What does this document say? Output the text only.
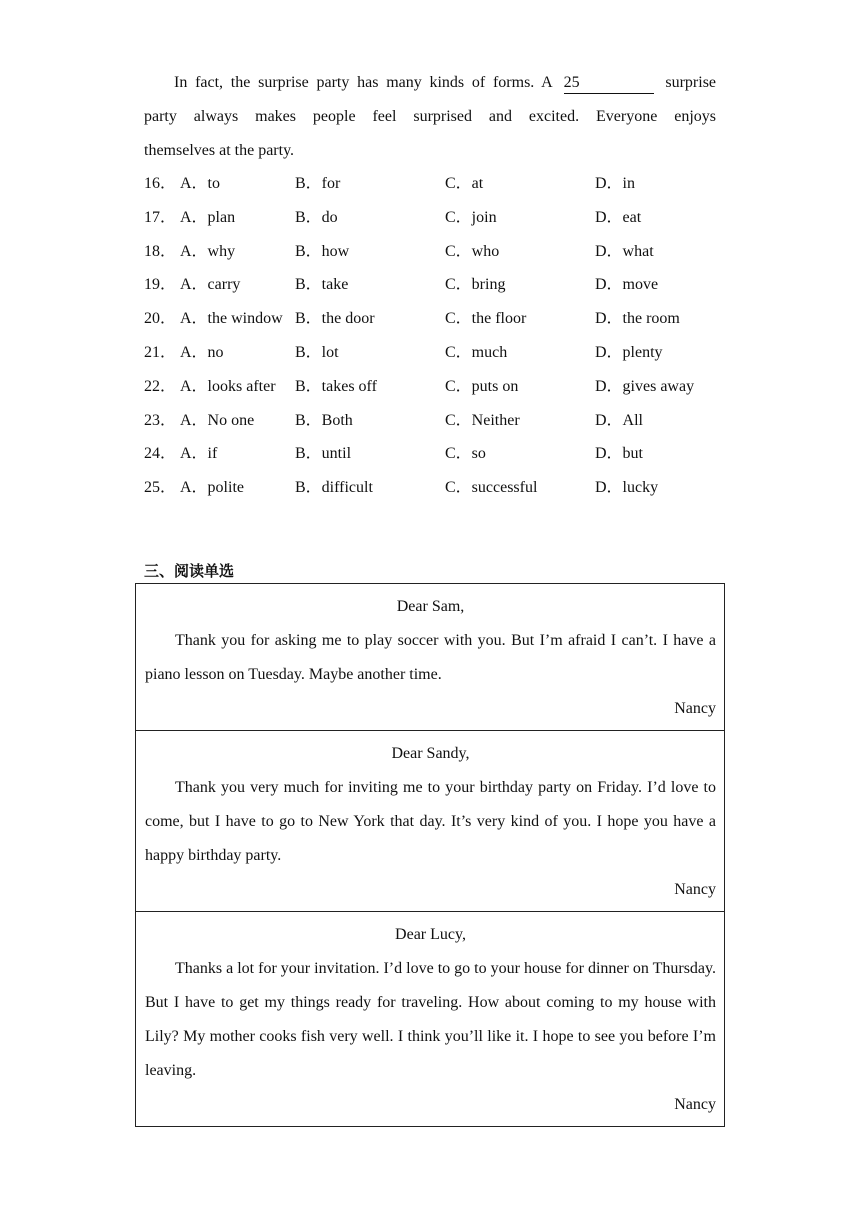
In fact, the surprise party has many kinds of forms. A 25	surprise
party always makes people feel surprised and excited. Everyone enjoys
themselves at the party.
16． A．to	B．for	C．at	D．in
17． A．plan	B．do	C．join	D．eat
18． A．why	B．how	C．who	D．what
19． A．carry	B．take	C．bring	D．move
20． A．the window B．the door	C．the floor	D．the room
21． A．no	B．lot	C．much	D．plenty
22． A．looks after B．takes off	C．puts on	D．gives away
23． A．No one	B．Both	C．Neither	D．All
24． A．if	B．until	C．so	D．but
25． A．polite	B．difficult	C．successful	D．lucky
三、阅读单选
Dear Sam,
Thank you for asking me to play soccer with you. But I’m afraid I can’t. I have a piano lesson on Tuesday. Maybe another time.
Nancy
Dear Sandy,
Thank you very much for inviting me to your birthday party on Friday. I’d love to come, but I have to go to New York that day. It’s very kind of you. I hope you have a happy birthday party.
Nancy
Dear Lucy,
Thanks a lot for your invitation. I’d love to go to your house for dinner on Thursday. But I have to get my things ready for traveling. How about coming to my house with Lily? My mother cooks fish very well. I think you’ll like it. I hope to see you before I’m leaving.
Nancy
